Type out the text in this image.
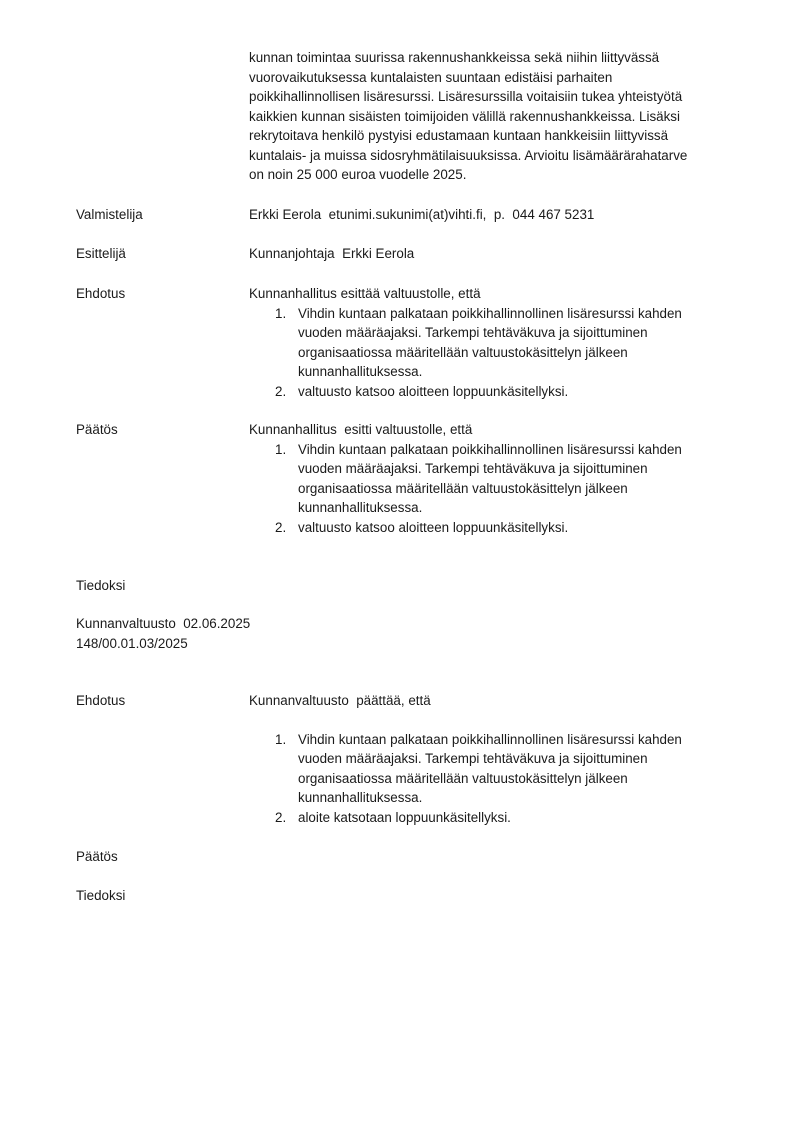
kunnan toimintaa suurissa rakennushankkeissa sekä niihin liittyvässä
vuorovaikutuksessa kuntalaisten suuntaan edistäisi parhaiten
poikkihallinnollisen lisäresurssi. Lisäresurssilla voitaisiin tukea yhteistyötä
kaikkien kunnan sisäisten toimijoiden välillä rakennushankkeissa. Lisäksi
rekrytoitava henkilö pystyisi edustamaan kuntaan hankkeisiin liittyvissä
kuntalais- ja muissa sidosryhmätilaisuuksissa. Arvioitu lisämäärärahatarve
on noin 25 000 euroa vuodelle 2025.
Valmistelija	Erkki Eerola  etunimi.sukunimi(at)vihti.fi,  p.  044 467 5231
Esittelijä	Kunnanjohtaja  Erkki Eerola
Ehdotus	Kunnanhallitus esittää valtuustolle, että
1. Vihdin kuntaan palkataan poikkihallinnollinen lisäresurssi kahden
vuoden määräajaksi. Tarkempi tehtäväkuva ja sijoittuminen
organisaatiossa määritellään valtuustokäsittelyn jälkeen
kunnanhallituksessa.
2. valtuusto katsoo aloitteen loppuunkäsitellyksi.
Päätös	Kunnanhallitus  esitti valtuustolle, että
1. Vihdin kuntaan palkataan poikkihallinnollinen lisäresurssi kahden
vuoden määräajaksi. Tarkempi tehtäväkuva ja sijoittuminen
organisaatiossa määritellään valtuustokäsittelyn jälkeen
kunnanhallituksessa.
2. valtuusto katsoo aloitteen loppuunkäsitellyksi.
Tiedoksi
Kunnanvaltuusto  02.06.2025
148/00.01.03/2025
Ehdotus	Kunnanvaltuusto  päättää, että
1. Vihdin kuntaan palkataan poikkihallinnollinen lisäresurssi kahden
vuoden määräajaksi. Tarkempi tehtäväkuva ja sijoittuminen
organisaatiossa määritellään valtuustokäsittelyn jälkeen
kunnanhallituksessa.
2. aloite katsotaan loppuunkäsitellyksi.
Päätös
Tiedoksi
